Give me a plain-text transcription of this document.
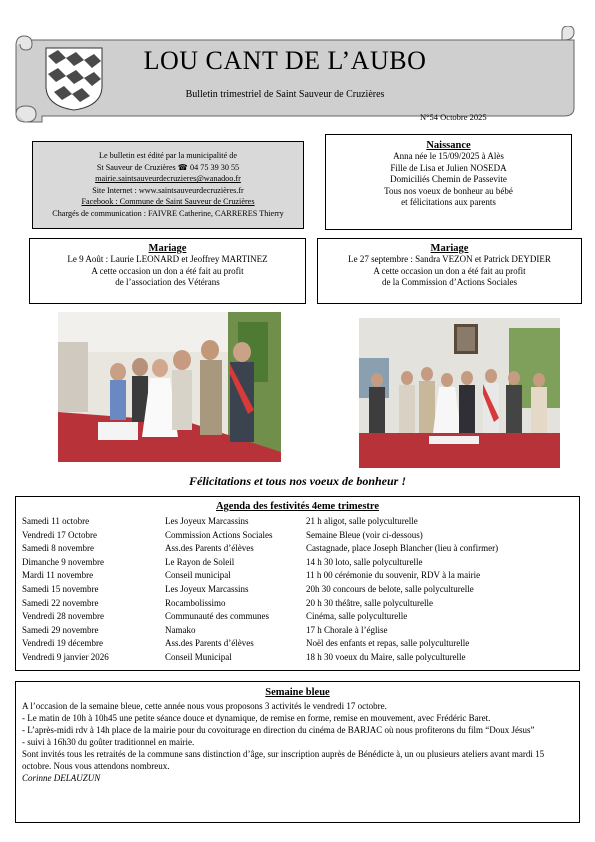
LOU CANT DE L’AUBO
Bulletin trimestriel de Saint Sauveur de Cruzières
N°54 Octobre 2025
Le bulletin est édité par la municipalité de
St Sauveur de Cruzières ☎ 04 75 39 30 55
mairie.saintsauveurdecruzieres@wanadoo.fr
Site Internet : www.saintsauveurdecruzières.fr
Facebook : Commune de Saint Sauveur de Cruzières
Chargés de communication : FAIVRE Catherine, CARRERES Thierry
Naissance
Anna née le 15/09/2025 à Alès
Fille de Lisa et Julien NOSEDA
Domiciliés Chemin de Passevite
Tous nos voeux de bonheur au bébé
et félicitations aux parents
Mariage
Le 9 Août : Laurie LEONARD et Jeoffrey MARTINEZ
A cette occasion un don a été fait au profit
de l’association des Vétérans
Mariage
Le 27 septembre : Sandra VEZON et Patrick DEYDIER
A cette occasion un don a été fait au profit
de la Commission d’Actions Sociales
Félicitations et tous nos voeux de bonheur !
Agenda des festivités 4eme trimestre
Samedi 11 octobre	Les Joyeux Marcassins	21 h aligot, salle polyculturelle
Vendredi 17 Octobre	Commission Actions Sociales	Semaine Bleue (voir ci-dessous)
Samedi 8 novembre	Ass.des Parents d’élèves	Castagnade, place Joseph Blancher (lieu à confirmer)
Dimanche 9 novembre	Le Rayon de Soleil	14 h 30 loto, salle polyculturelle
Mardi 11 novembre	Conseil municipal	11 h 00 cérémonie du souvenir, RDV à la mairie
Samedi 15 novembre	Les Joyeux Marcassins	20h 30 concours de belote, salle polyculturelle
Samedi 22 novembre	Rocambolissimo	20 h 30 théâtre, salle polyculturelle
Vendredi 28 novembre	Communauté des communes	Cinéma, salle polyculturelle
Samedi 29 novembre	Namako	17 h Chorale à l’église
Vendredi 19 décembre	Ass.des Parents d’élèves	Noël des enfants et repas, salle polyculturelle
Vendredi 9 janvier 2026	Conseil Municipal	18 h 30 voeux du Maire, salle polyculturelle
Semaine bleue

A l’occasion de la semaine bleue, cette année nous vous proposons 3 activités le vendredi 17 octobre.

- Le matin de 10h à 10h45 une petite séance douce et dynamique, de remise en forme, remise en mouvement, avec Frédéric Baret.

- L’après-midi rdv à 14h place de la mairie pour du covoiturage en direction du cinéma de BARJAC où nous profiterons du film “Doux Jésus”

- suivi à 16h30 du goûter traditionnel en mairie.

Sont invités tous les retraités de la commune sans distinction d’âge, sur inscription auprès de Bénédicte à, un ou plusieurs ateliers avant mardi 15 octobre. Nous vous attendons nombreux.

Corinne DELAUZUN
